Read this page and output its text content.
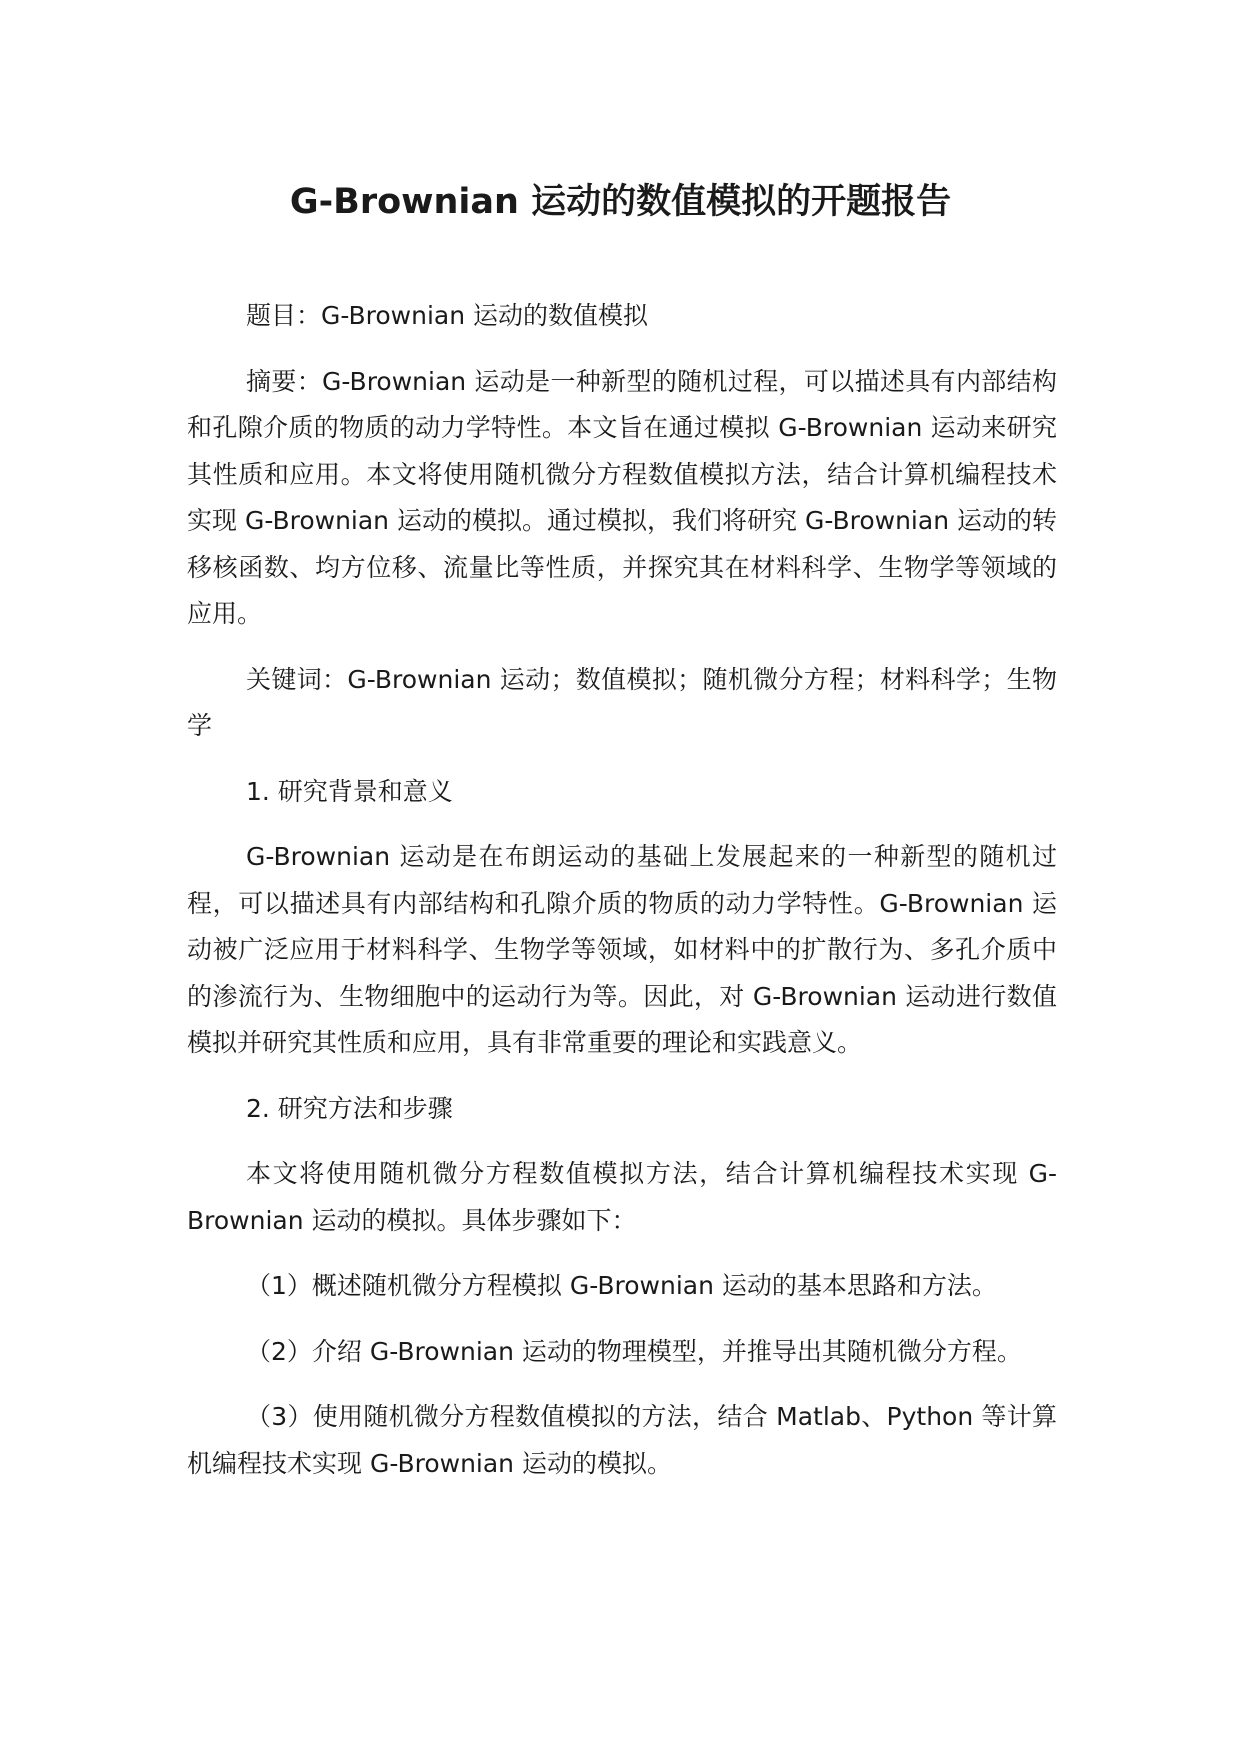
G-Brownian 运动的数值模拟的开题报告

题目：G-Brownian 运动的数值模拟

摘要：G-Brownian 运动是一种新型的随机过程，可以描述具有内部结构和孔隙介质的物质的动力学特性。本文旨在通过模拟 G-Brownian 运动来研究其性质和应用。本文将使用随机微分方程数值模拟方法，结合计算机编程技术实现 G-Brownian 运动的模拟。通过模拟，我们将研究 G-Brownian 运动的转移核函数、均方位移、流量比等性质，并探究其在材料科学、生物学等领域的应用。

关键词：G-Brownian 运动；数值模拟；随机微分方程；材料科学；生物学

1. 研究背景和意义

G-Brownian 运动是在布朗运动的基础上发展起来的一种新型的随机过程，可以描述具有内部结构和孔隙介质的物质的动力学特性。G-Brownian 运动被广泛应用于材料科学、生物学等领域，如材料中的扩散行为、多孔介质中的渗流行为、生物细胞中的运动行为等。因此，对 G-Brownian 运动进行数值模拟并研究其性质和应用，具有非常重要的理论和实践意义。

2. 研究方法和步骤

本文将使用随机微分方程数值模拟方法，结合计算机编程技术实现 G-Brownian 运动的模拟。具体步骤如下：

（1）概述随机微分方程模拟 G-Brownian 运动的基本思路和方法。

（2）介绍 G-Brownian 运动的物理模型，并推导出其随机微分方程。

（3）使用随机微分方程数值模拟的方法，结合 Matlab、Python 等计算机编程技术实现 G-Brownian 运动的模拟。
